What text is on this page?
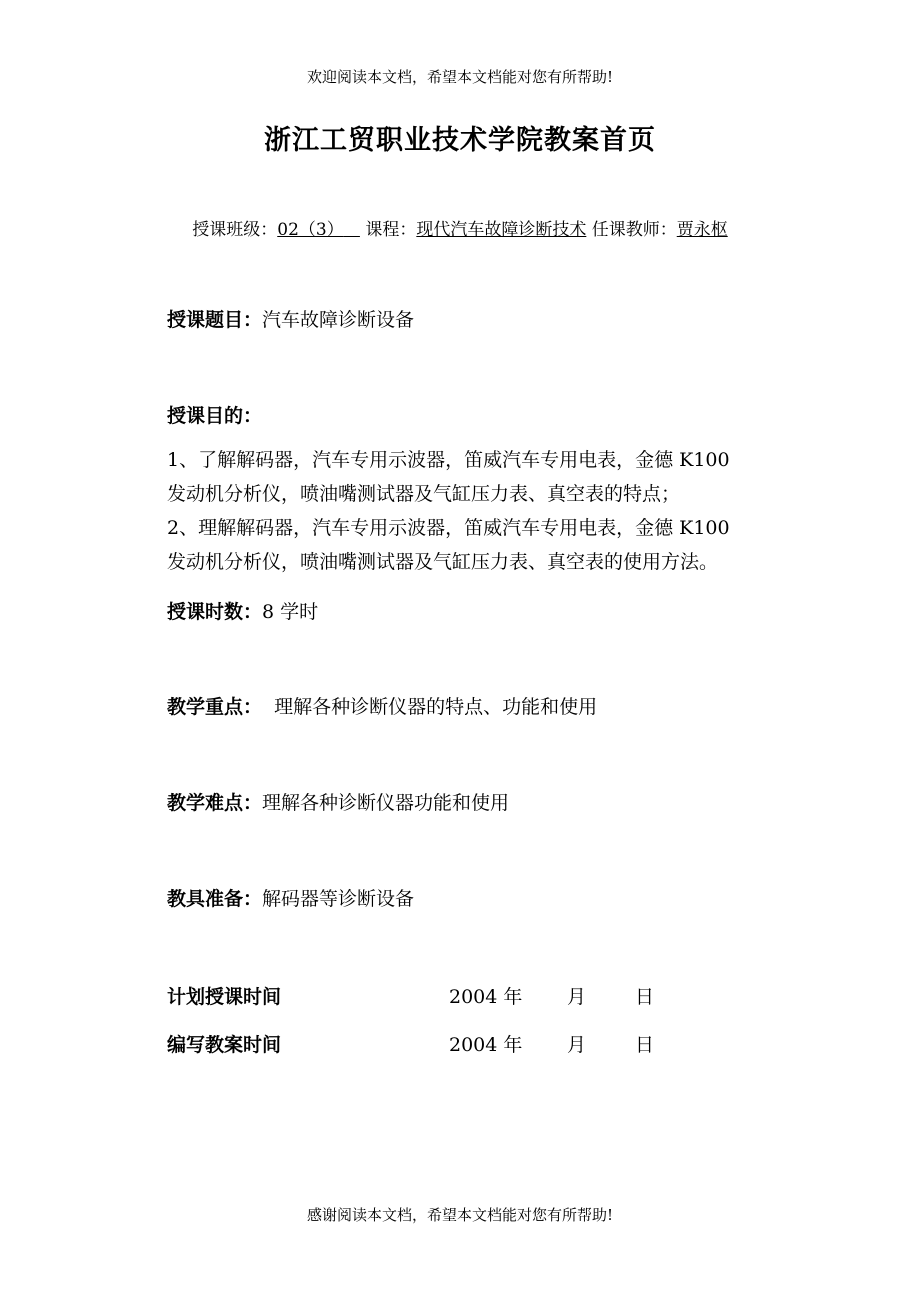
欢迎阅读本文档，希望本文档能对您有所帮助!
浙江工贸职业技术学院教案首页
授课班级：02（3） 课程：现代汽车故障诊断技术 任课教师：贾永枢
授课题目：汽车故障诊断设备
授课目的：
1、了解解码器，汽车专用示波器，笛威汽车专用电表，金德 K100
发动机分析仪，喷油嘴测试器及气缸压力表、真空表的特点；
2、理解解码器，汽车专用示波器，笛威汽车专用电表，金德 K100
发动机分析仪，喷油嘴测试器及气缸压力表、真空表的使用方法。
授课时数：8 学时
教学重点：  理解各种诊断仪器的特点、功能和使用
教学难点：理解各种诊断仪器功能和使用
教具准备：解码器等诊断设备
计划授课时间	2004 年 月	日
编写教案时间	2004 年 月	日
感谢阅读本文档，希望本文档能对您有所帮助!
